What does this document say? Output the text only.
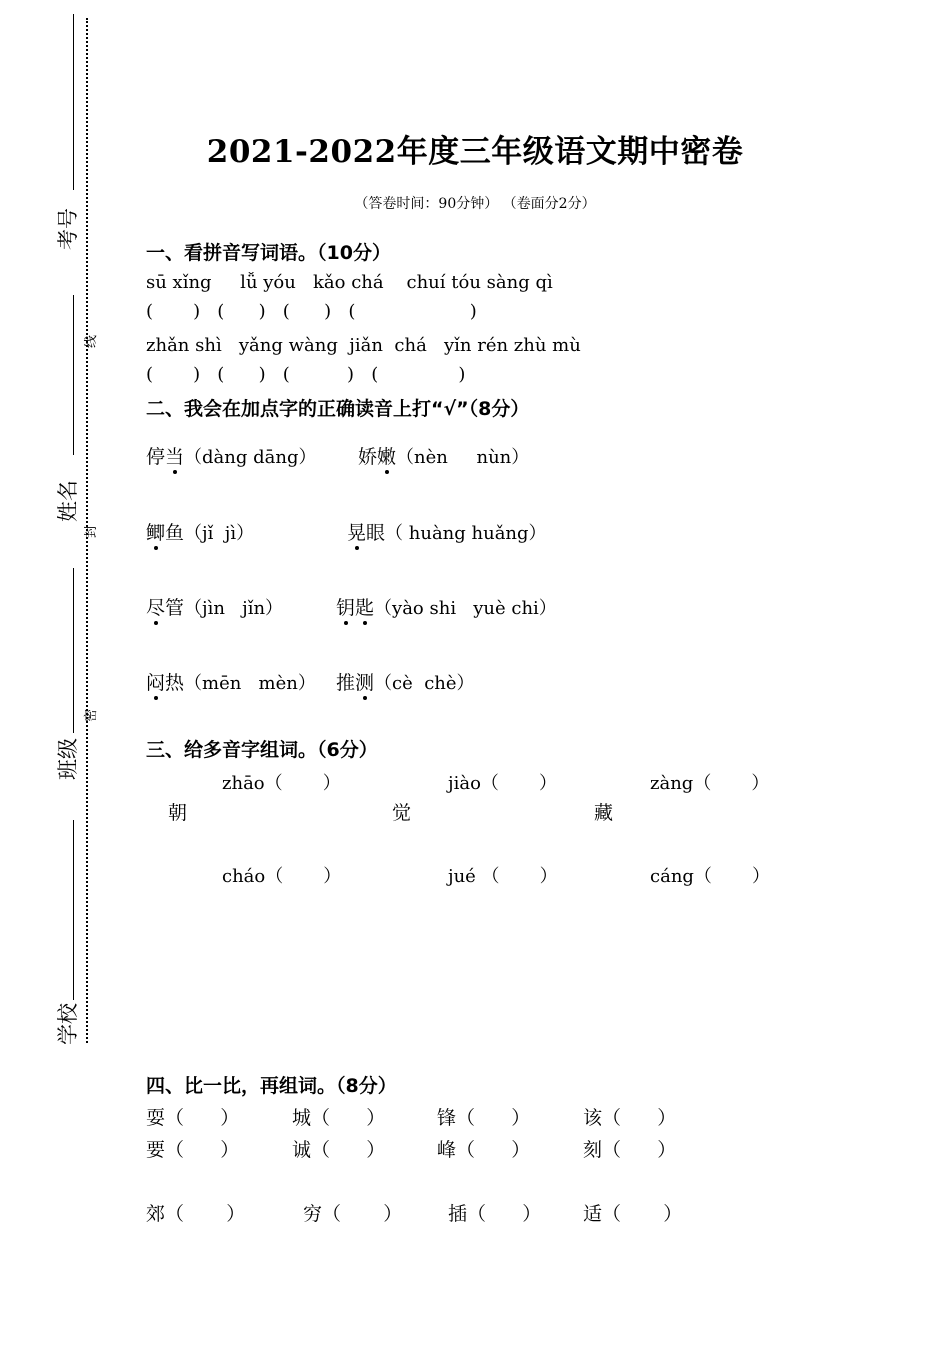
考号
姓名
班级
学校
线
封
密
2021-2022年度三年级语文期中密卷
（答卷时间：90分钟） （卷面分2分）
一、看拼音写词语。（10分）
sū xǐng     lǚ yóu   kǎo chá    chuí tóu sàng qì
(       )   (      )   (      )   (                    )
zhǎn shì   yǎng wàng  jiǎn  chá   yǐn rén zhù mù
(       )   (      )   (          )   (              )
二、我会在加点字的正确读音上打“√”（8分）
停当（dàng dāng） 娇嫩（nèn     nùn）
鲫鱼（jǐ  jì）	晃眼（ huàng huǎng）
尽管（jìn   jǐn）	钥匙（yào shi   yuè chi）
闷热（mēn   mèn） 推测（cè  chè）
三、给多音字组词。（6分）
zhāo（       ）	jiào（       ）	zàng（       ）
朝	觉	藏
cháo（       ）	jué （       ）	cáng（       ）
四、比一比，再组词。（8分）
耍（      ）	城（      ）	锋（      ）	该（      ）
要（      ）	诚（      ）	峰（      ）	刻（      ）
郊（       ）	穷（       ） 插（      ） 适（       ）
